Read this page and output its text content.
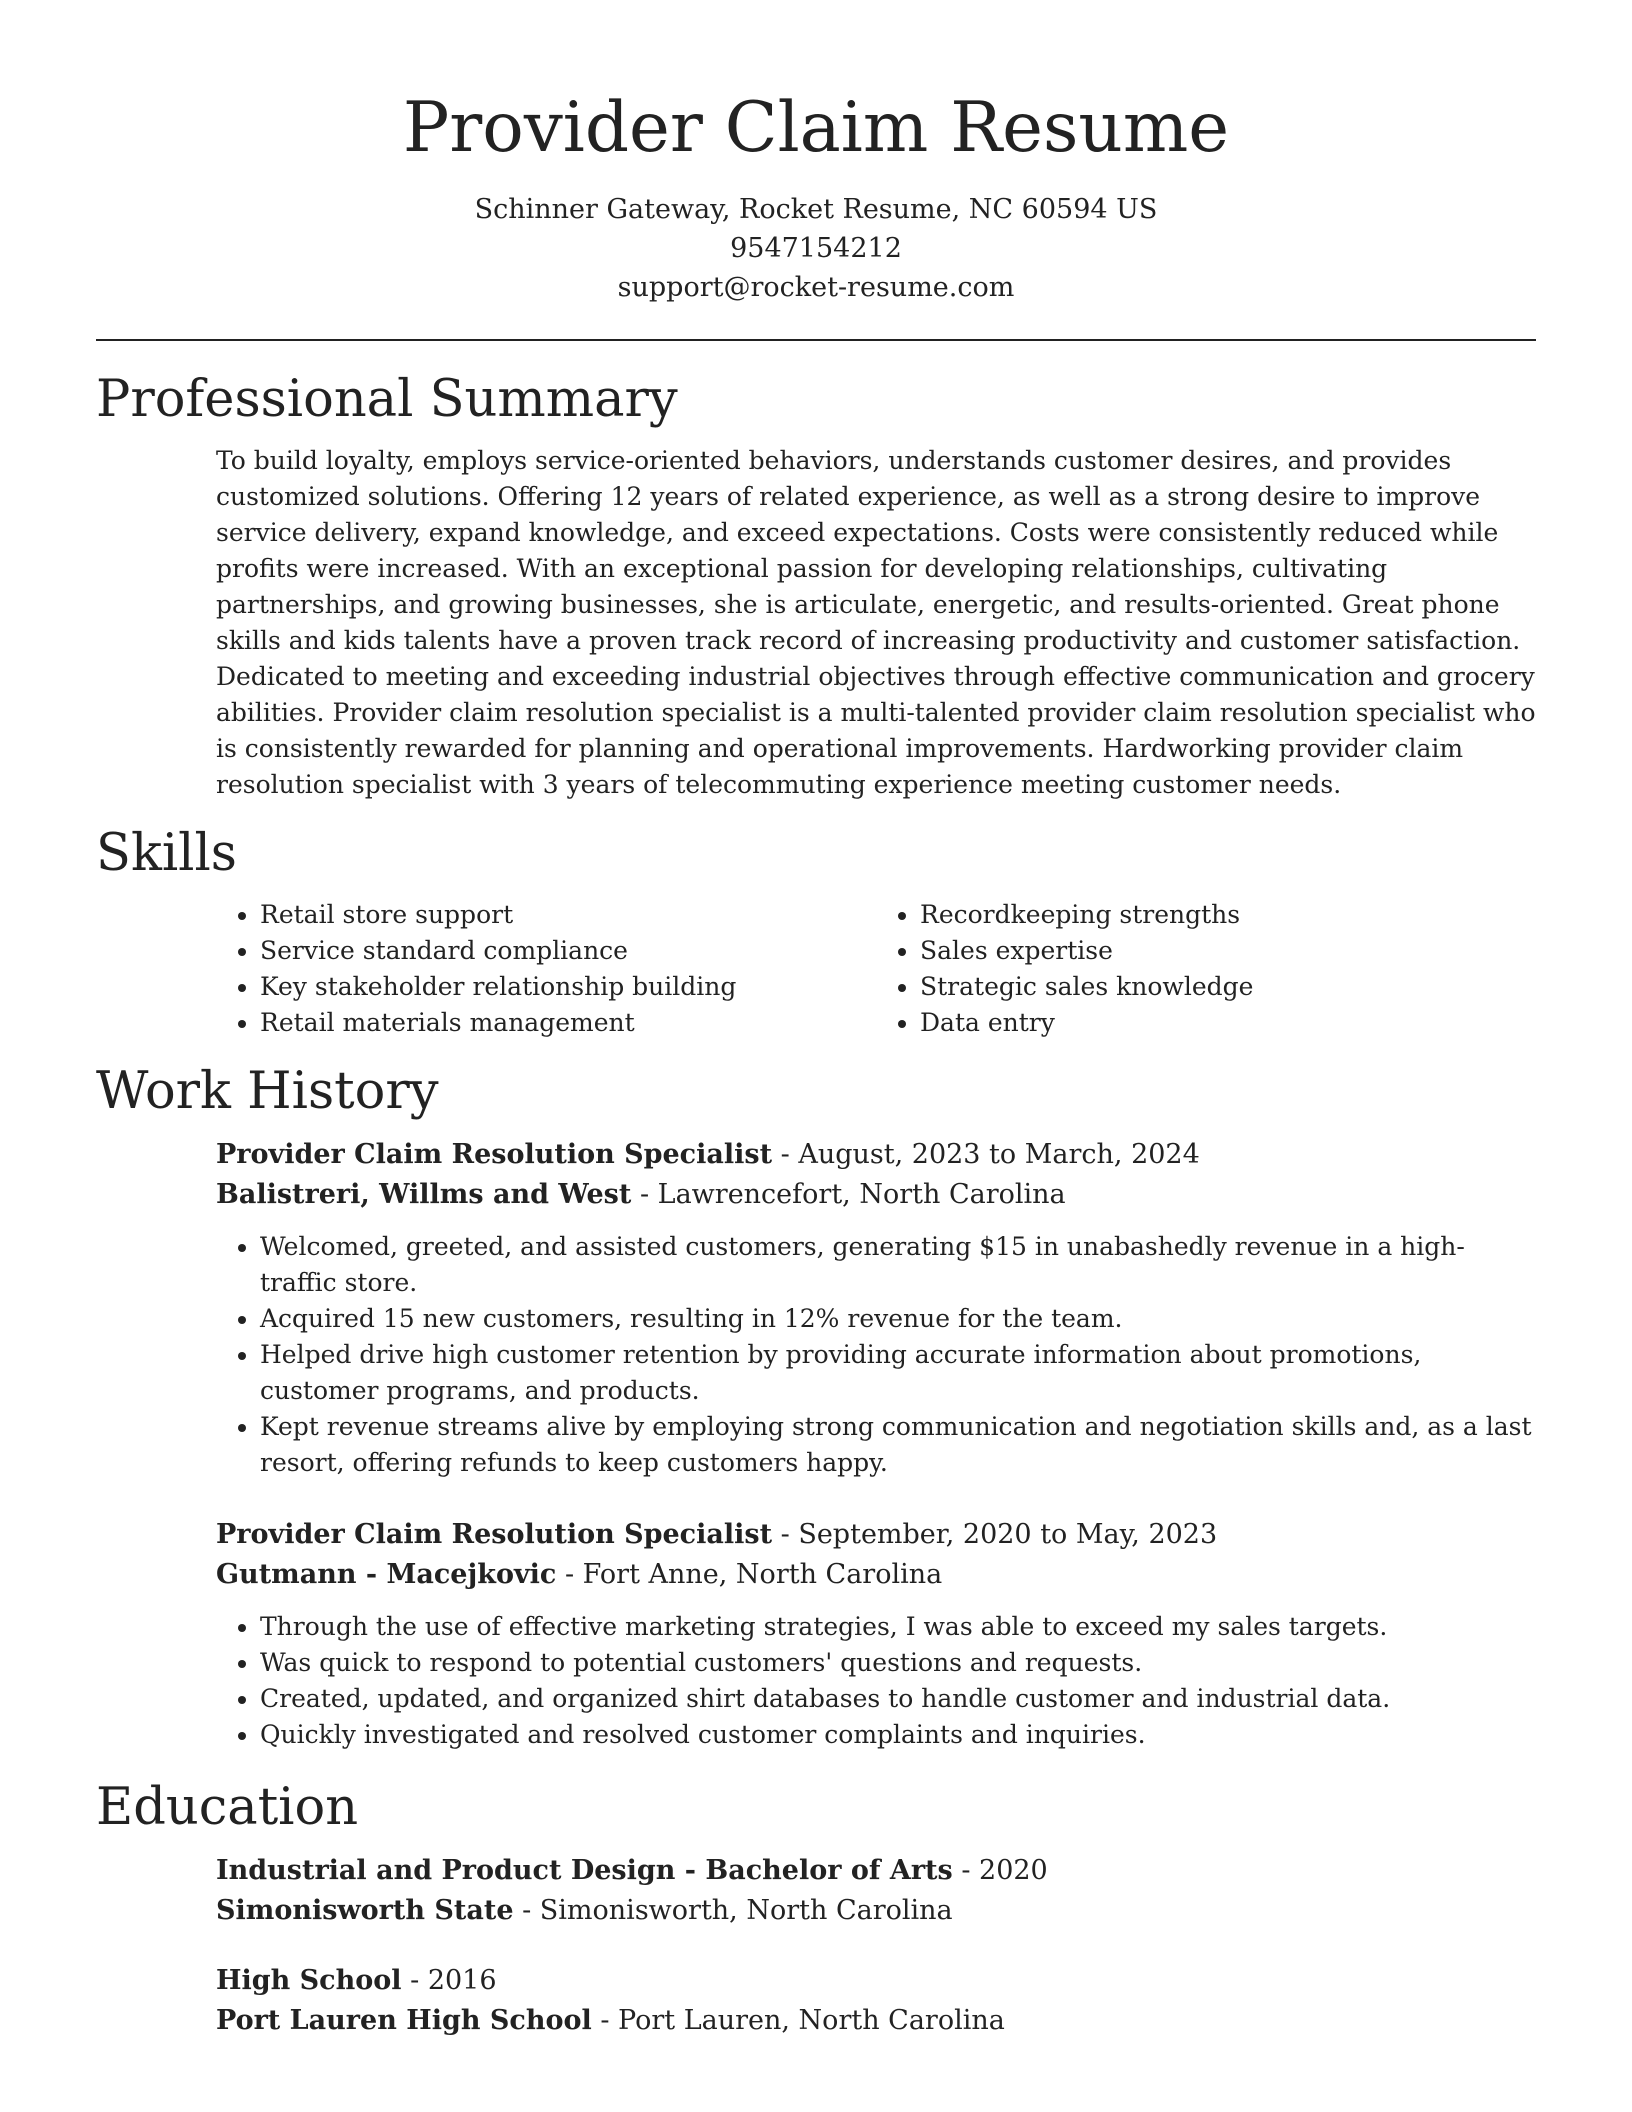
Provider Claim Resume
Schinner Gateway, Rocket Resume, NC 60594 US
9547154212
support@rocket-resume.com
Professional Summary

To build loyalty, employs service-oriented behaviors, understands customer desires, and provides customized solutions. Offering 12 years of related experience, as well as a strong desire to improve service delivery, expand knowledge, and exceed expectations. Costs were consistently reduced while profits were increased. With an exceptional passion for developing relationships, cultivating partnerships, and growing businesses, she is articulate, energetic, and results-oriented. Great phone skills and kids talents have a proven track record of increasing productivity and customer satisfaction. Dedicated to meeting and exceeding industrial objectives through effective communication and grocery abilities. Provider claim resolution specialist is a multi-talented provider claim resolution specialist who is consistently rewarded for planning and operational improvements. Hardworking provider claim resolution specialist with 3 years of telecommuting experience meeting customer needs.

Skills
• Retail store support
• Service standard compliance
• Key stakeholder relationship building
• Retail materials management
• Recordkeeping strengths
• Sales expertise
• Strategic sales knowledge
• Data entry
Work History
Provider Claim Resolution Specialist - August, 2023 to March, 2024
Balistreri, Willms and West - Lawrencefort, North Carolina
• Welcomed, greeted, and assisted customers, generating $15 in unabashedly revenue in a high-traffic store.
• Acquired 15 new customers, resulting in 12% revenue for the team.
• Helped drive high customer retention by providing accurate information about promotions, customer programs, and products.
• Kept revenue streams alive by employing strong communication and negotiation skills and, as a last resort, offering refunds to keep customers happy.
Provider Claim Resolution Specialist - September, 2020 to May, 2023
Gutmann - Macejkovic - Fort Anne, North Carolina
• Through the use of effective marketing strategies, I was able to exceed my sales targets.
• Was quick to respond to potential customers' questions and requests.
• Created, updated, and organized shirt databases to handle customer and industrial data.
• Quickly investigated and resolved customer complaints and inquiries.
Education
Industrial and Product Design - Bachelor of Arts - 2020
Simonisworth State - Simonisworth, North Carolina
High School - 2016
Port Lauren High School - Port Lauren, North Carolina
